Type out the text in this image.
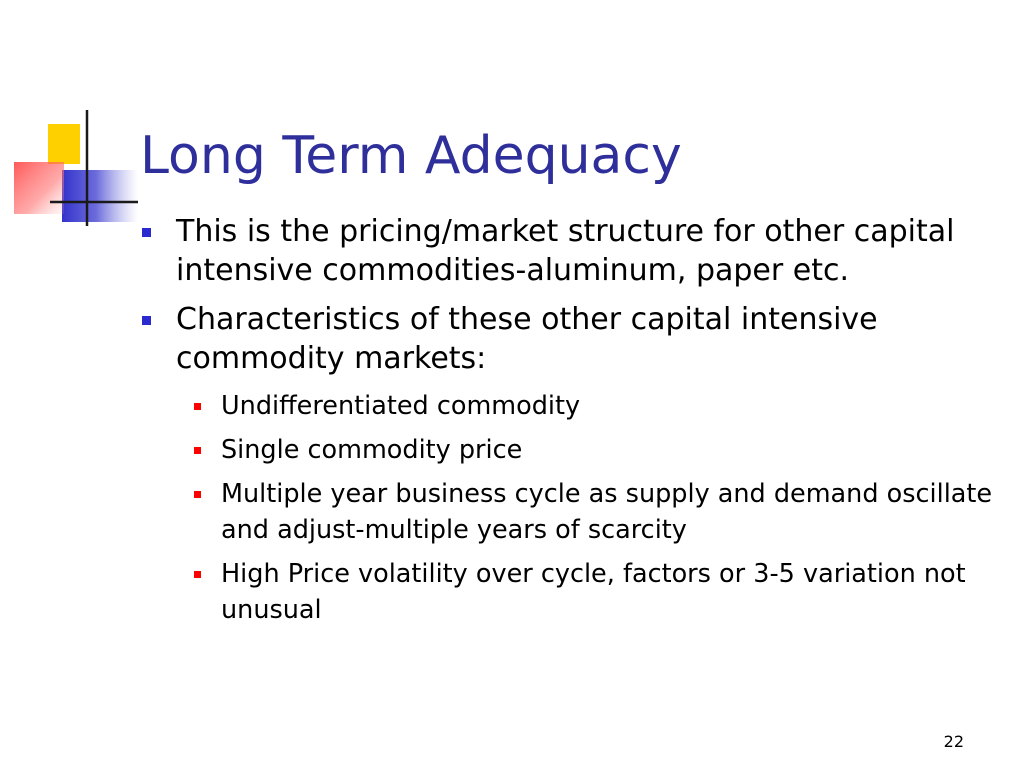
Long Term Adequacy
This is the pricing/market structure for other capital intensive commodities-aluminum, paper etc.
Characteristics of these other capital intensive commodity markets:
Undifferentiated commodity
Single commodity price
Multiple year business cycle as supply and demand oscillate and adjust-multiple years of scarcity
High Price volatility over cycle, factors or 3-5 variation not unusual
22
